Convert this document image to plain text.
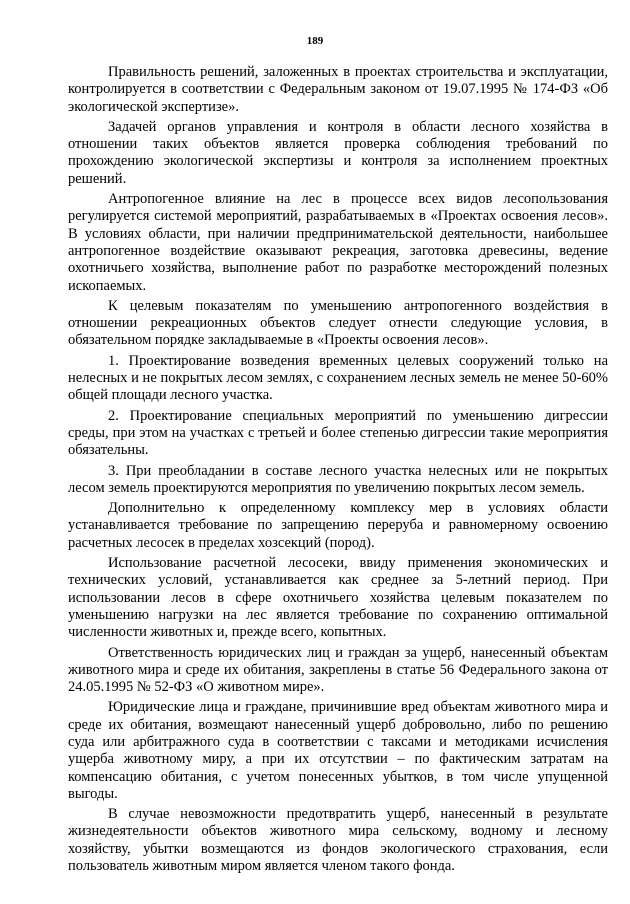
189

Правильность решений, заложенных в проектах строительства и эксплуатации, контролируется в соответствии с Федеральным законом от 19.07.1995 № 174-ФЗ «Об экологической экспертизе».

Задачей органов управления и контроля в области лесного хозяйства в отношении таких объектов является проверка соблюдения требований по прохождению экологической экспертизы и контроля за исполнением проектных решений.

Антропогенное влияние на лес в процессе всех видов лесопользования регулируется системой мероприятий, разрабатываемых в «Проектах освоения лесов». В условиях области, при наличии предпринимательской деятельности, наибольшее антропогенное воздействие оказывают рекреация, заготовка древесины, ведение охотничьего хозяйства, выполнение работ по разработке месторождений полезных ископаемых.

К целевым показателям по уменьшению антропогенного воздействия в отношении рекреационных объектов следует отнести следующие условия, в обязательном порядке закладываемые в «Проекты освоения лесов».

1. Проектирование возведения временных целевых сооружений только на нелесных и не покрытых лесом землях, с сохранением лесных земель не менее 50-60% общей площади лесного участка.

2. Проектирование специальных мероприятий по уменьшению дигрессии среды, при этом на участках с третьей и более степенью дигрессии такие мероприятия обязательны.

3. При преобладании в составе лесного участка нелесных или не покрытых лесом земель проектируются мероприятия по увеличению покрытых лесом земель.

Дополнительно к определенному комплексу мер в условиях области устанавливается требование по запрещению переруба и равномерному освоению расчетных лесосек в пределах хозсекций (пород).

Использование расчетной лесосеки, ввиду применения экономических и технических условий, устанавливается как среднее за 5-летний период. При использовании лесов в сфере охотничьего хозяйства целевым показателем по уменьшению нагрузки на лес является требование по сохранению оптимальной численности животных и, прежде всего, копытных.

Ответственность юридических лиц и граждан за ущерб, нанесенный объектам животного мира и среде их обитания, закреплены в статье 56 Федерального закона от 24.05.1995 № 52-ФЗ «О животном мире».

Юридические лица и граждане, причинившие вред объектам животного мира и среде их обитания, возмещают нанесенный ущерб добровольно, либо по решению суда или арбитражного суда в соответствии с таксами и методиками исчисления ущерба животному миру, а при их отсутствии – по фактическим затратам на компенсацию обитания, с учетом понесенных убытков, в том числе упущенной выгоды.

В случае невозможности предотвратить ущерб, нанесенный в результате жизнедеятельности объектов животного мира сельскому, водному и лесному хозяйству, убытки возмещаются из фондов экологического страхования, если пользователь животным миром является членом такого фонда.
